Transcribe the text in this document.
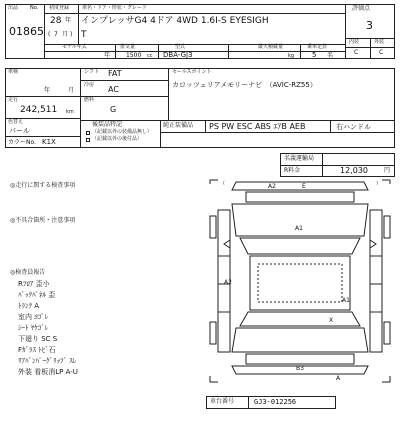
出品 No.
01865
初度登録
28 年
( 7 月 )
車名・ドア・形状・グレード
インプレッサG4 4ドア 4WD 1.6I-S EYESIGH
T
評価点
3
内装	外装
C	C
モデル年式	排気量	型式	最大積載量	乗車定員
年	1500 cc DBA-GJ3	kg	5 名
車検
年	月
走行
242,511 km
色替え
パール
カラーNo. K1X
シフト FAT
冷房 AC
燃料
G
セールスポイント
カロッツェリアメモリーナビ　（AVIC-RZ55）
後装品特記
（記載以外の装備品無し）
（記載以外の後付品）
純正装備品 PS PW ESC ABS ｴｱB AEB	右ハンドル
名義運輸局
R料金	12,030	円
◎走行に関する検査事項
◎不具合箇所・注意事項
◎検査員報告
Rﾌﾛｱ 歪小
ﾊﾞｯｸﾊﾟﾈﾙ 歪
ﾄﾗﾝｸ A
室内 ﾖｺﾞﾚ
ｼｰﾄ ﾔｹｺﾞﾚ
下廻り SC S
Fｶﾞﾗｽ ﾄﾋﾞ石
ﾘｱﾊﾞﾝﾊﾟｰｸﾞﾘｯﾌﾟ ｽﾚ
外装 看板消LP A-U
（	）
A2	E
A1
A2
A1
X
B3
A
車台番号	GJ3-012256
